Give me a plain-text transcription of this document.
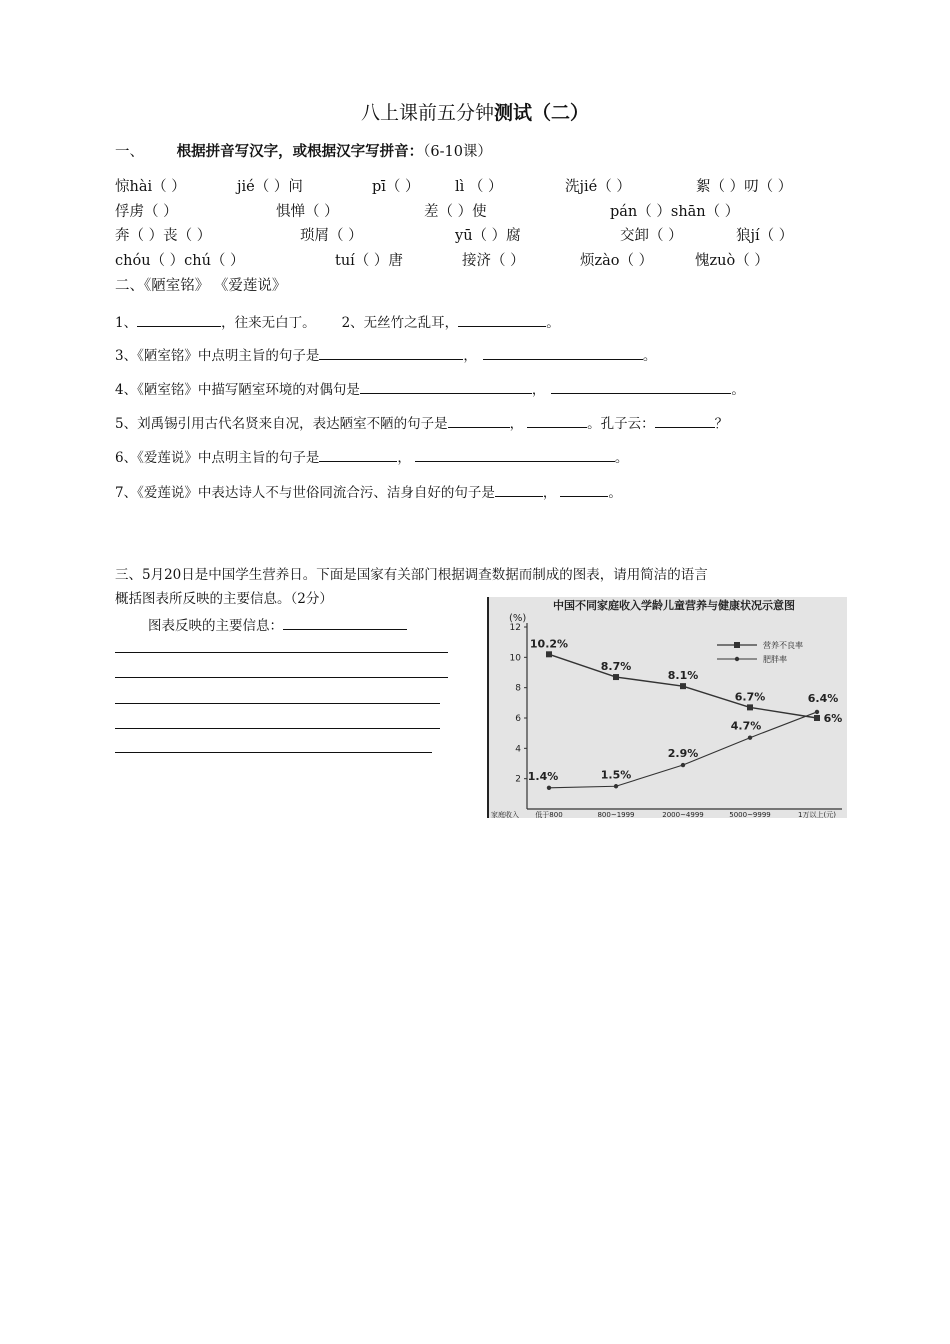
八上课前五分钟测试（二）
一、 根据拼音写汉字，或根据汉字写拼音：（6-10课）
惊hài（ ）	jié（ ）问	pī（ ） lì （ ）	洗jié（ ）	絮（ ）叨（ ）
俘虏（ ）	惧惮（ ）	差（ ）使	pán（ ）shān（ ）
奔（ ）丧（ ）	琐屑（ ）	yū（ ）腐	交卸（ ）	狼jí（ ）
chóu（ ）chú（ ）	tuí（ ）唐	接济（ ）	烦zào（ ）	愧zuò（ ）
二、《陋室铭》 《爱莲说》
1、	，往来无白丁。 2、无丝竹之乱耳，	。
3、《陋室铭》中点明主旨的句子是	，	。
4、《陋室铭》中描写陋室环境的对偶句是	，	。
5、刘禹锡引用古代名贤来自况，表达陋室不陋的句子是	，	。孔子云：	？
6、《爱莲说》中点明主旨的句子是	，	。
7、《爱莲说》中表达诗人不与世俗同流合污、洁身自好的句子是	，	。
三、5月20日是中国学生营养日。下面是国家有关部门根据调查数据而制成的图表，请用简洁的语言
概括图表所反映的主要信息。（2分）
图表反映的主要信息：
中国不同家庭收入学龄儿童营养与健康状况示意图
(%)
2
4
6
8
10
12
家庭收入 低于800	800~1999	2000~4999	5000~9999	1万以上(元)
10.2%
8.7%
8.1%
6.7%
6%
1.4%	1.5%
2.9%
4.7%
6.4%
营养不良率
肥胖率
